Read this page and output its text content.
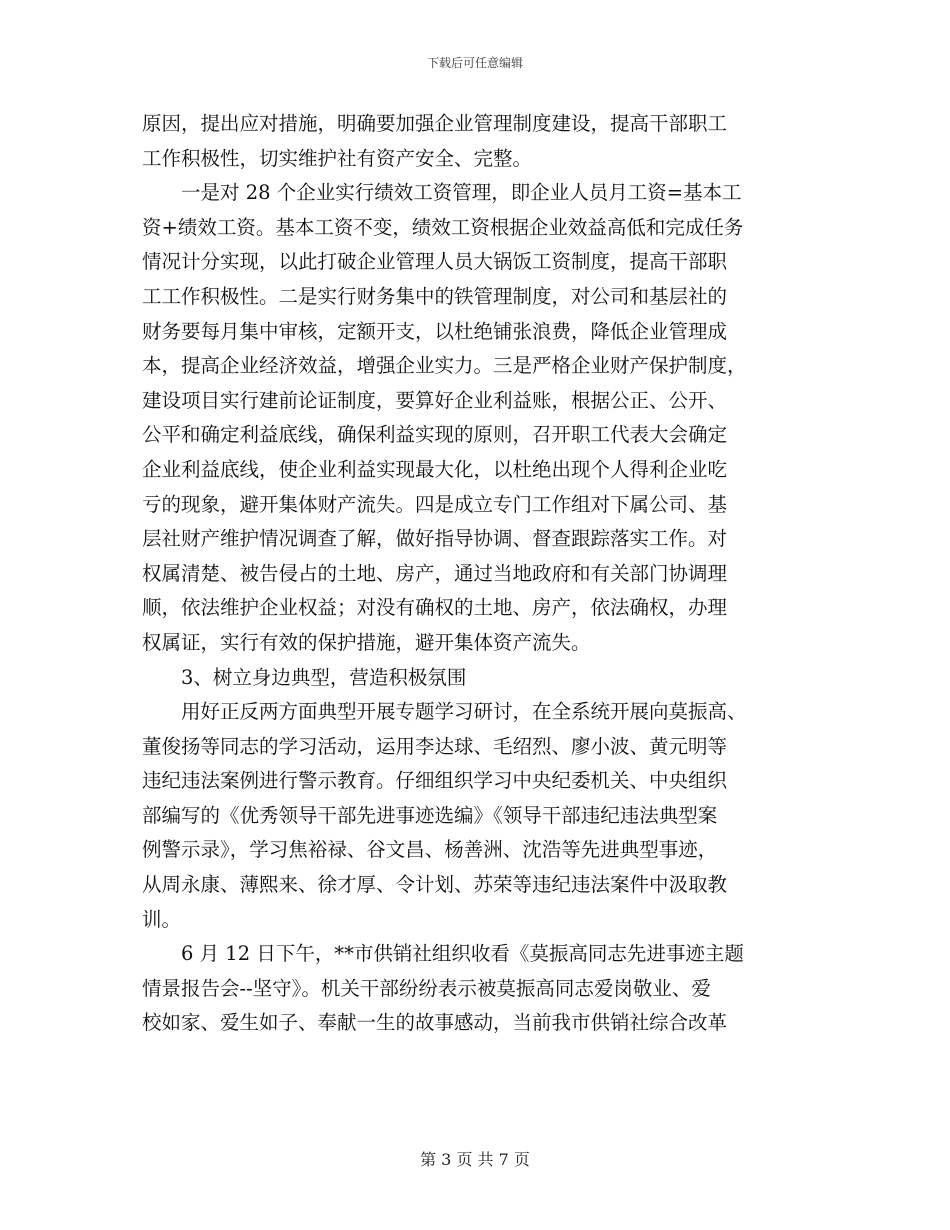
下载后可任意编辑
原因，提出应对措施，明确要加强企业管理制度建设，提高干部职工
工作积极性，切实维护社有资产安全、完整。
　　一是对 28 个企业实行绩效工资管理，即企业人员月工资=基本工
资+绩效工资。基本工资不变，绩效工资根据企业效益高低和完成任务
情况计分实现，以此打破企业管理人员大锅饭工资制度，提高干部职
工工作积极性。二是实行财务集中的铁管理制度，对公司和基层社的
财务要每月集中审核，定额开支，以杜绝铺张浪费，降低企业管理成
本，提高企业经济效益，增强企业实力。三是严格企业财产保护制度，
建设项目实行建前论证制度，要算好企业利益账，根据公正、公开、
公平和确定利益底线，确保利益实现的原则，召开职工代表大会确定
企业利益底线，使企业利益实现最大化，以杜绝出现个人得利企业吃
亏的现象，避开集体财产流失。四是成立专门工作组对下属公司、基
层社财产维护情况调查了解，做好指导协调、督查跟踪落实工作。对
权属清楚、被告侵占的土地、房产，通过当地政府和有关部门协调理
顺，依法维护企业权益；对没有确权的土地、房产，依法确权，办理
权属证，实行有效的保护措施，避开集体资产流失。
　　3、树立身边典型，营造积极氛围
　　用好正反两方面典型开展专题学习研讨，在全系统开展向莫振高、
董俊扬等同志的学习活动，运用李达球、毛绍烈、廖小波、黄元明等
违纪违法案例进行警示教育。仔细组织学习中央纪委机关、中央组织
部编写的《优秀领导干部先进事迹选编》《领导干部违纪违法典型案
例警示录》，学习焦裕禄、谷文昌、杨善洲、沈浩等先进典型事迹，
从周永康、薄熙来、徐才厚、令计划、苏荣等违纪违法案件中汲取教
训。
　　6 月 12 日下午，**市供销社组织收看《莫振高同志先进事迹主题
情景报告会--坚守》。机关干部纷纷表示被莫振高同志爱岗敬业、爱
校如家、爱生如子、奉献一生的故事感动，当前我市供销社综合改革
第 3 页 共 7 页
